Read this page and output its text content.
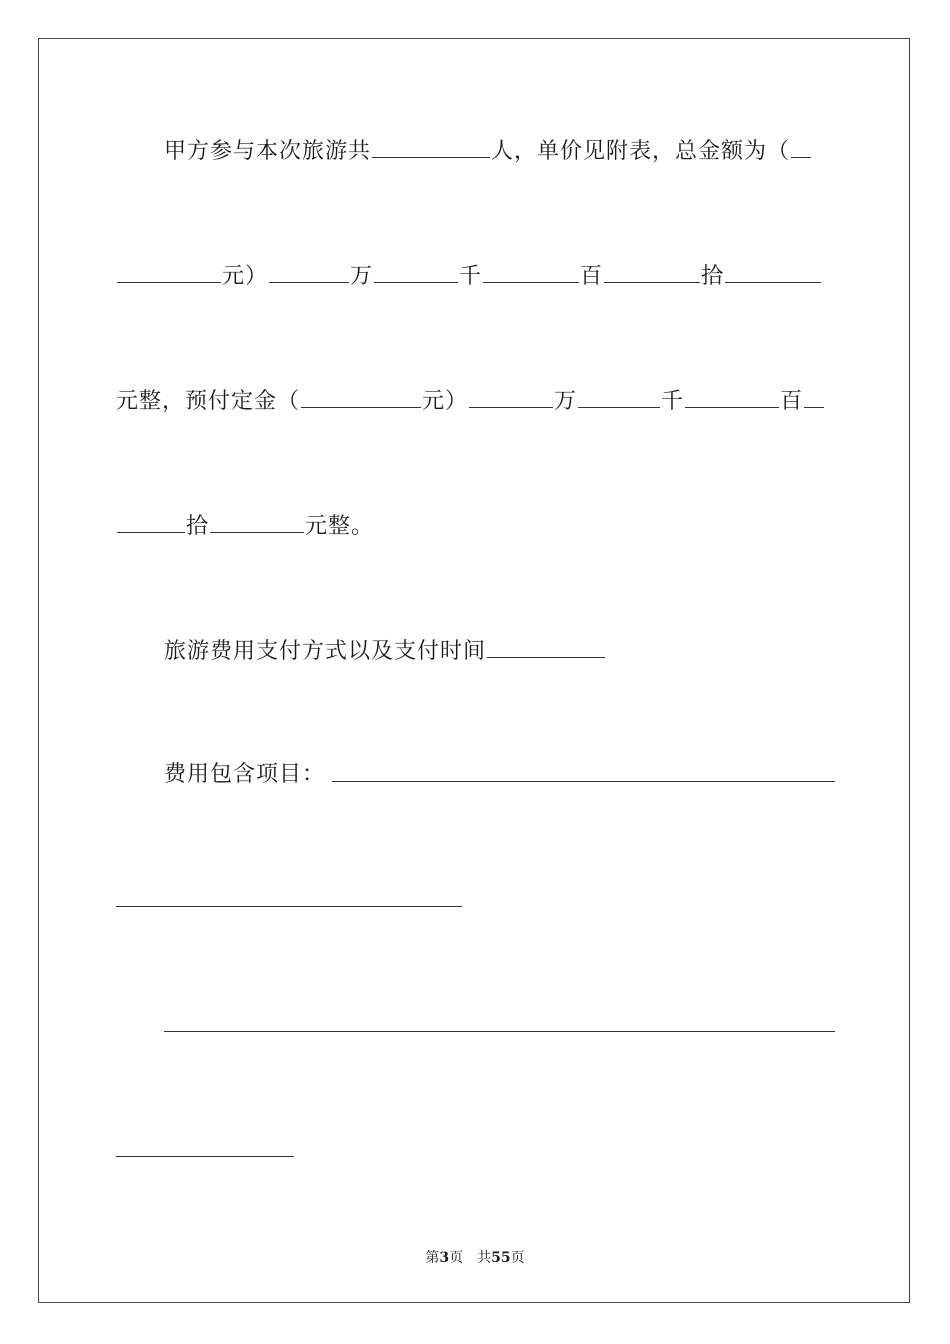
甲方参与本次旅游共	人，单价见附表，总金额为（
元）	万	千	百	拾
元整，预付定金（	元）	万	千	百
拾	元整。
旅游费用支付方式以及支付时间
费用包含项目：
第3页　共55页
